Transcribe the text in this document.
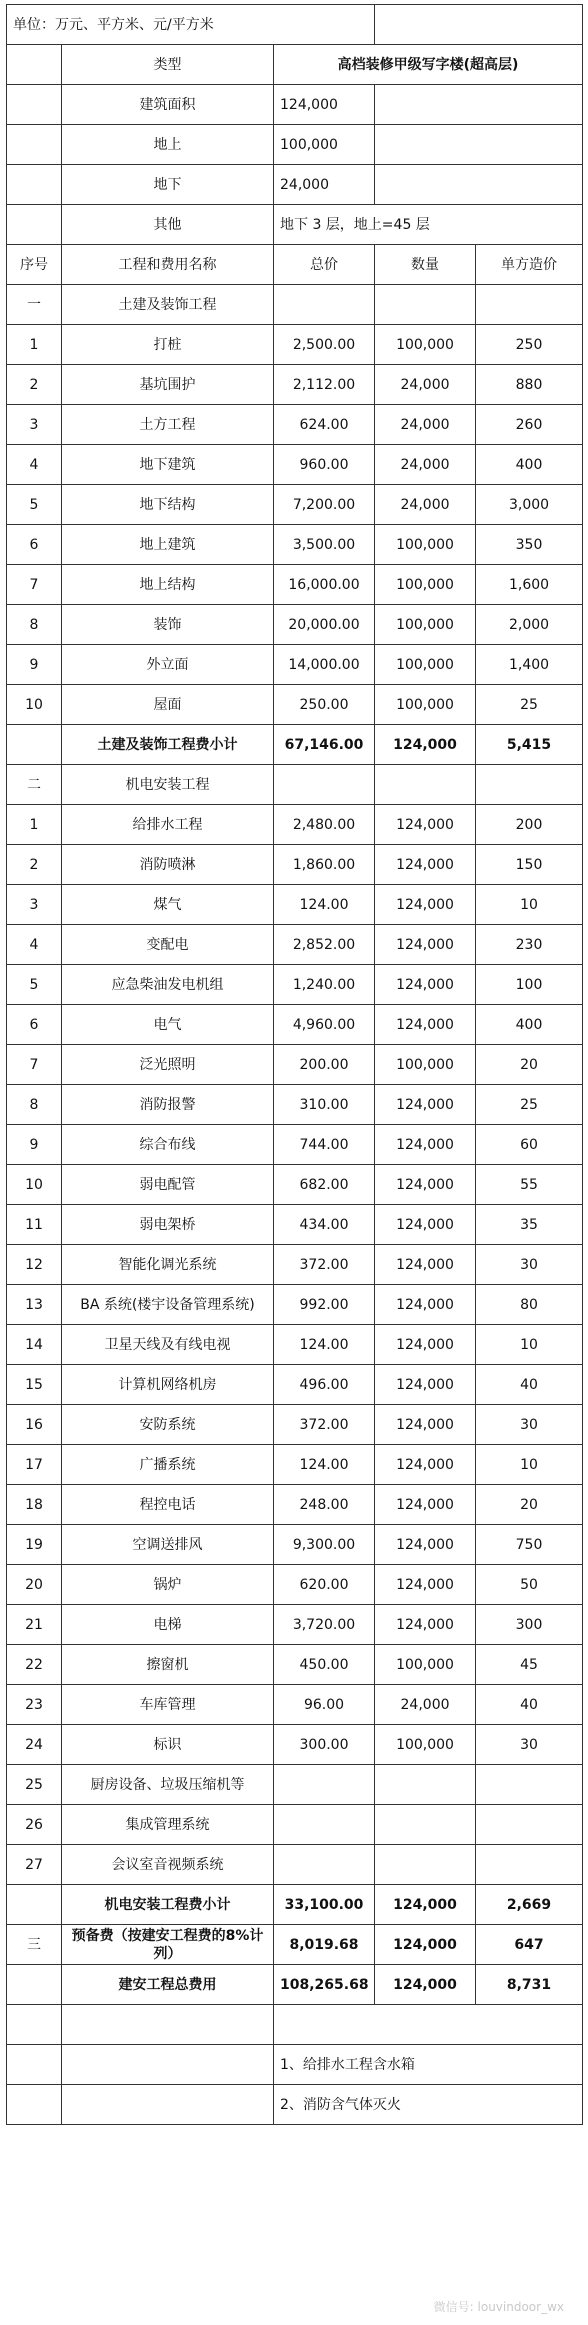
单位：万元、平方米、元/平方米				
	类型	高档装修甲级写字楼(超高层)		
	建筑面积	124,000		
	地上	100,000		
	地下	24,000		
	其他	地下 3 层，地上=45 层		
序号	工程和费用名称	总价	数量	单方造价
一	土建及装饰工程			
1	打桩	2,500.00	100,000	250
2	基坑围护	2,112.00	24,000	880
3	土方工程	624.00	24,000	260
4	地下建筑	960.00	24,000	400
5	地下结构	7,200.00	24,000	3,000
6	地上建筑	3,500.00	100,000	350
7	地上结构	16,000.00	100,000	1,600
8	装饰	20,000.00	100,000	2,000
9	外立面	14,000.00	100,000	1,400
10	屋面	250.00	100,000	25
	土建及装饰工程费小计	67,146.00	124,000	5,415
二	机电安装工程			
1	给排水工程	2,480.00	124,000	200
2	消防喷淋	1,860.00	124,000	150
3	煤气	124.00	124,000	10
4	变配电	2,852.00	124,000	230
5	应急柴油发电机组	1,240.00	124,000	100
6	电气	4,960.00	124,000	400
7	泛光照明	200.00	100,000	20
8	消防报警	310.00	124,000	25
9	综合布线	744.00	124,000	60
10	弱电配管	682.00	124,000	55
11	弱电架桥	434.00	124,000	35
12	智能化调光系统	372.00	124,000	30
13	BA 系统(楼宇设备管理系统)	992.00	124,000	80
14	卫星天线及有线电视	124.00	124,000	10
15	计算机网络机房	496.00	124,000	40
16	安防系统	372.00	124,000	30
17	广播系统	124.00	124,000	10
18	程控电话	248.00	124,000	20
19	空调送排风	9,300.00	124,000	750
20	锅炉	620.00	124,000	50
21	电梯	3,720.00	124,000	300
22	擦窗机	450.00	100,000	45
23	车库管理	96.00	24,000	40
24	标识	300.00	100,000	30
25	厨房设备、垃圾压缩机等			
26	集成管理系统			
27	会议室音视频系统			
	机电安装工程费小计	33,100.00	124,000	2,669
三	预备费（按建安工程费的8%计列）	8,019.68	124,000	647
	建安工程总费用	108,265.68	124,000	8,731

		1、给排水工程含水箱		
		2、消防含气体灭火		
微信号: louvindoor_wx
